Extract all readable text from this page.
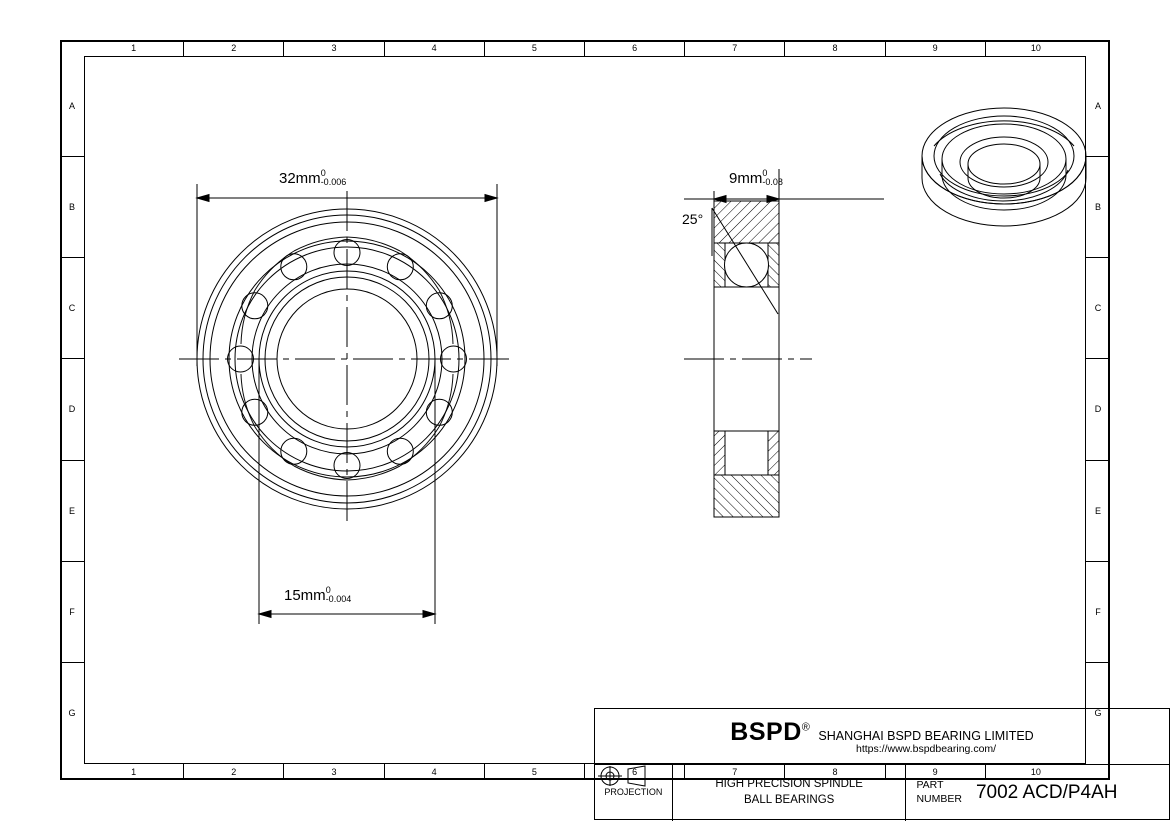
1	2	3	4	5	6	7	8	9	10
1	2	3	4	5	6	7	8	9	10
A
B
C
D
E
F
G
A
B
C
D
E
F
G
32mm 0
-0.006
15mm 0
-0.004
9mm 0
-0.08
25°
BSPD®
SHANGHAI BSPD BEARING LIMITED
https://www.bspdbearing.com/
PROJECTION
HIGH PRECISION SPINDLE
BALL BEARINGS
PART
NUMBER 7002 ACD/P4AH
